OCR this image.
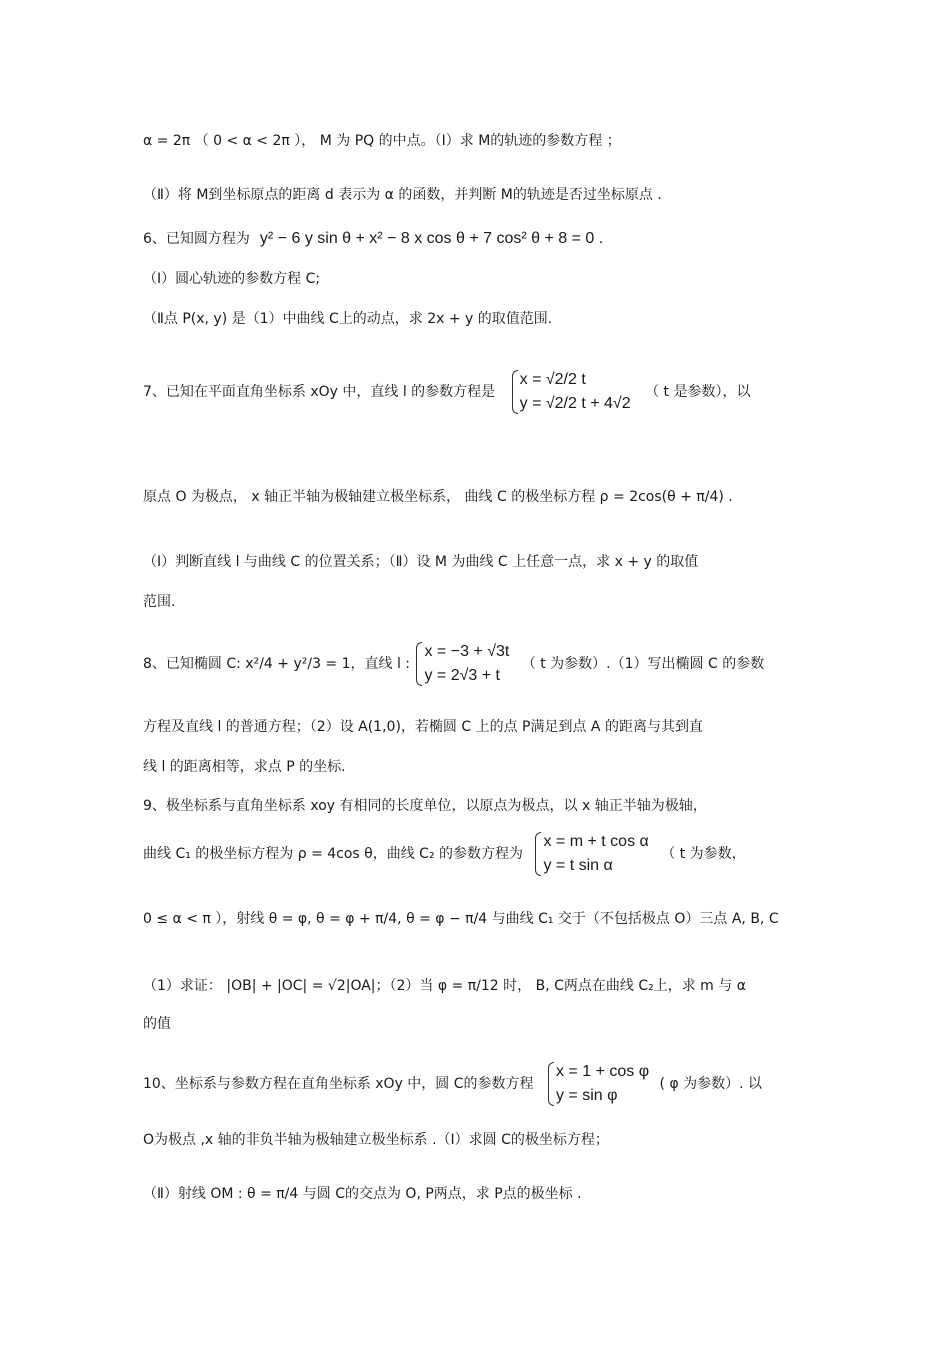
α = 2π （ 0 < α < 2π ）， M 为 PQ 的中点。（Ⅰ）求 M的轨迹的参数方程 ；
（Ⅱ）将 M到坐标原点的距离 d 表示为 α 的函数，并判断 M的轨迹是否过坐标原点 .
6、已知圆方程为 y² − 6 y sin θ + x² − 8 x cos θ + 7 cos² θ + 8 = 0 .
（Ⅰ）圆心轨迹的参数方程 C;
（Ⅱ点 P(x, y) 是（1）中曲线 C上的动点，求 2x + y 的取值范围.
7、已知在平面直角坐标系 xOy 中，直线 l 的参数方程是
x = √2/2 t
y = √2/2 t + 4√2
（ t 是参数），以
原点 O 为极点， x 轴正半轴为极轴建立极坐标系， 曲线 C 的极坐标方程 ρ = 2cos(θ + π/4) .
（Ⅰ）判断直线 l 与曲线 C 的位置关系；（Ⅱ）设 M 为曲线 C 上任意一点，求 x + y 的取值
范围.
8、已知椭圆 C: x²/4 + y²/3 = 1，直线 l :
x = −3 + √3t
y = 2√3 + t
（ t 为参数）.（1）写出椭圆 C 的参数
方程及直线 l 的普通方程；（2）设 A(1,0)，若椭圆 C 上的点 P满足到点 A 的距离与其到直
线 l 的距离相等，求点 P 的坐标.
9、极坐标系与直角坐标系 xoy 有相同的长度单位，以原点为极点，以 x 轴正半轴为极轴，
曲线 C₁ 的极坐标方程为 ρ = 4cos θ，曲线 C₂ 的参数方程为
x = m + t cos α
y = t sin α
（ t 为参数，
0 ≤ α < π ），射线 θ = φ, θ = φ + π/4, θ = φ − π/4 与曲线 C₁ 交于（不包括极点 O）三点 A, B, C
（1）求证： |OB| + |OC| = √2|OA|；（2）当 φ = π/12 时， B, C两点在曲线 C₂上，求 m 与 α
的值
10、坐标系与参数方程在直角坐标系 xOy 中，圆 C的参数方程
x = 1 + cos φ
y = sin φ
( φ 为参数）. 以
O为极点 ,x 轴的非负半轴为极轴建立极坐标系 .（Ⅰ）求圆 C的极坐标方程；
（Ⅱ）射线 OM : θ = π/4 与圆 C的交点为 O, P两点，求 P点的极坐标 .
